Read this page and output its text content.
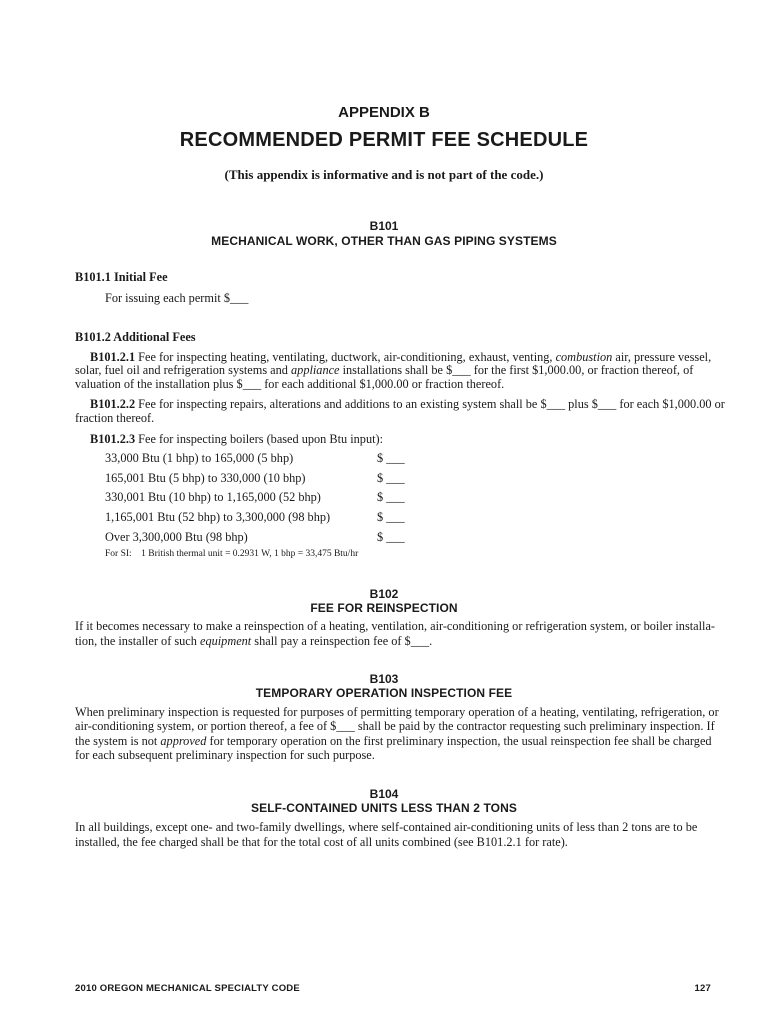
APPENDIX B
RECOMMENDED PERMIT FEE SCHEDULE
(This appendix is informative and is not part of the code.)
B101
MECHANICAL WORK, OTHER THAN GAS PIPING SYSTEMS
B101.1 Initial Fee
For issuing each permit $___
B101.2 Additional Fees
B101.2.1 Fee for inspecting heating, ventilating, ductwork, air-conditioning, exhaust, venting, combustion air, pressure vessel,
solar, fuel oil and refrigeration systems and appliance installations shall be $___ for the first $1,000.00, or fraction thereof, of
valuation of the installation plus $___ for each additional $1,000.00 or fraction thereof.
B101.2.2 Fee for inspecting repairs, alterations and additions to an existing system shall be $___ plus $___ for each $1,000.00 or
fraction thereof.
B101.2.3 Fee for inspecting boilers (based upon Btu input):
33,000 Btu (1 bhp) to 165,000 (5 bhp)	$ ___
165,001 Btu (5 bhp) to 330,000 (10 bhp)	$ ___
330,001 Btu (10 bhp) to 1,165,000 (52 bhp)	$ ___
1,165,001 Btu (52 bhp) to 3,300,000 (98 bhp)	$ ___
Over 3,300,000 Btu (98 bhp)	$ ___
For SI:    1 British thermal unit = 0.2931 W, 1 bhp = 33,475 Btu/hr
B102
FEE FOR REINSPECTION
If it becomes necessary to make a reinspection of a heating, ventilation, air-conditioning or refrigeration system, or boiler installa-
tion, the installer of such equipment shall pay a reinspection fee of $___.
B103
TEMPORARY OPERATION INSPECTION FEE
When preliminary inspection is requested for purposes of permitting temporary operation of a heating, ventilating, refrigeration, or
air-conditioning system, or portion thereof, a fee of $___ shall be paid by the contractor requesting such preliminary inspection. If
the system is not approved for temporary operation on the first preliminary inspection, the usual reinspection fee shall be charged
for each subsequent preliminary inspection for such purpose.
B104
SELF-CONTAINED UNITS LESS THAN 2 TONS
In all buildings, except one- and two-family dwellings, where self-contained air-conditioning units of less than 2 tons are to be
installed, the fee charged shall be that for the total cost of all units combined (see B101.2.1 for rate).
2010 OREGON MECHANICAL SPECIALTY CODE	127
